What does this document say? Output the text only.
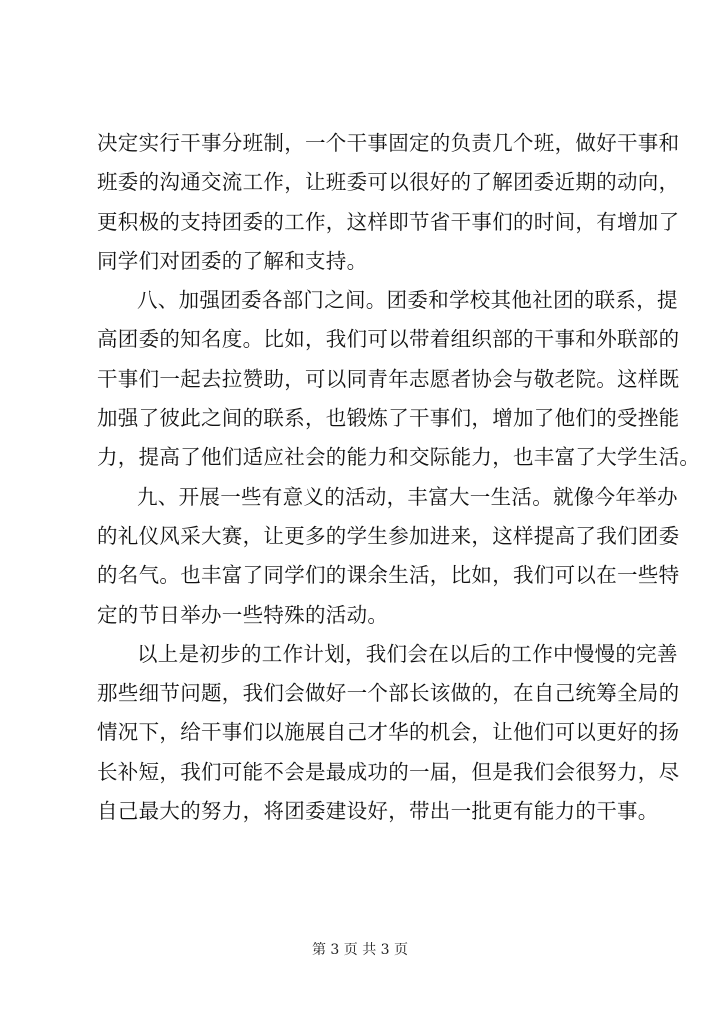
决定实行干事分班制，一个干事固定的负责几个班，做好干事和
班委的沟通交流工作，让班委可以很好的了解团委近期的动向，
更积极的支持团委的工作，这样即节省干事们的时间，有增加了
同学们对团委的了解和支持。
八、加强团委各部门之间。团委和学校其他社团的联系，提
高团委的知名度。比如，我们可以带着组织部的干事和外联部的
干事们一起去拉赞助，可以同青年志愿者协会与敬老院。这样既
加强了彼此之间的联系，也锻炼了干事们，增加了他们的受挫能
力，提高了他们适应社会的能力和交际能力，也丰富了大学生活。
九、开展一些有意义的活动，丰富大一生活。就像今年举办
的礼仪风采大赛，让更多的学生参加进来，这样提高了我们团委
的名气。也丰富了同学们的课余生活，比如，我们可以在一些特
定的节日举办一些特殊的活动。
以上是初步的工作计划，我们会在以后的工作中慢慢的完善
那些细节问题，我们会做好一个部长该做的，在自己统筹全局的
情况下，给干事们以施展自己才华的机会，让他们可以更好的扬
长补短，我们可能不会是最成功的一届，但是我们会很努力，尽
自己最大的努力，将团委建设好，带出一批更有能力的干事。
第 3 页 共 3 页
